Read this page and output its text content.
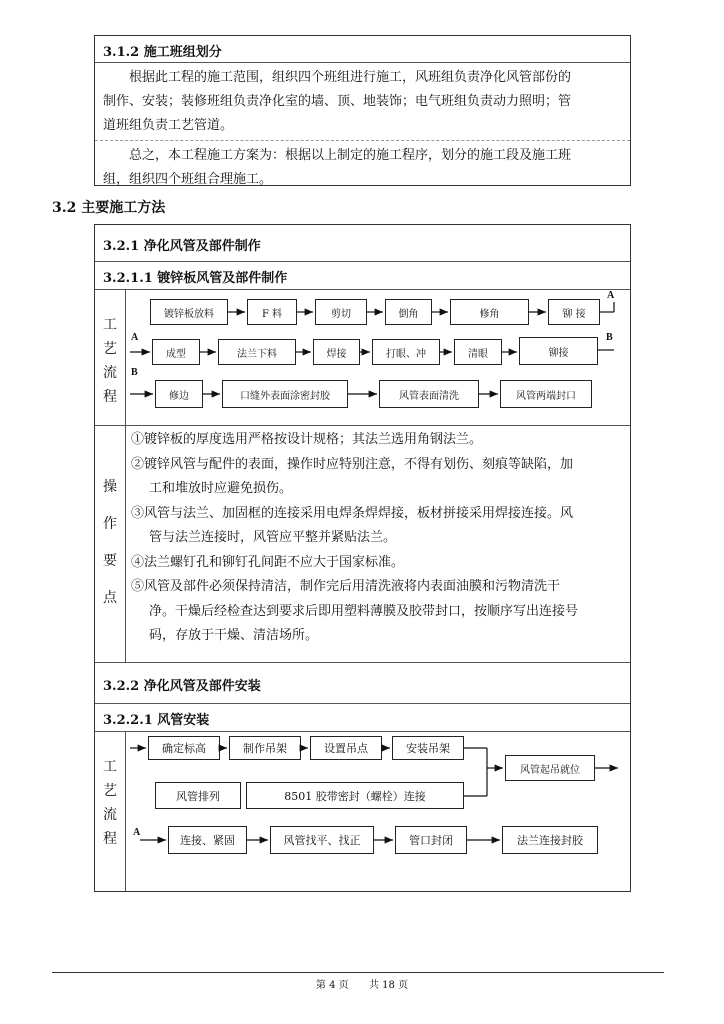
3.1.2 施工班组划分
根据此工程的施工范围，组织四个班组进行施工，风班组负责净化风管部份的
制作、安装；装修班组负责净化室的墙、顶、地装饰；电气班组负责动力照明；管
道班组负责工艺管道。
总之，本工程施工方案为：根据以上制定的施工程序，划分的施工段及施工班
组，组织四个班组合理施工。
3.2 主要施工方法
3.2.1 净化风管及部件制作
3.2.1.1 镀锌板风管及部件制作
工
艺
流
程
操
作
要
点
①镀锌板的厚度选用严格按设计规格；其法兰选用角钢法兰。
②镀锌风管与配件的表面，操作时应特别注意，不得有划伤、刻痕等缺陷，加
工和堆放时应避免损伤。
③风管与法兰、加固框的连接采用电焊条焊焊接，板材拼接采用焊接连接。风
管与法兰连接时，风管应平整并紧贴法兰。
④法兰螺钉孔和铆钉孔间距不应大于国家标准。
⑤风管及部件必须保持清洁，制作完后用清洗液将内表面油膜和污物清洗干
净。干燥后经检查达到要求后即用塑料薄膜及胶带封口，按顺序写出连接号
码，存放于干燥、清洁场所。
3.2.2 净化风管及部件安装
3.2.2.1 风管安装
工
艺
流
程
镀锌板放料	F 料	剪切	倒角	修角	铆 接
成型	法兰下料	焊接	打眼、冲	清眼	铆接
修边	口缝外表面涂密封胶	风管表面清洗	风管两端封口
A
A	B
B
确定标高	制作吊架	设置吊点	安装吊架
风管起吊就位
风管排列	8501 胶带密封（螺栓）连接
A
连接、紧固	风管找平、找正	管口封闭	法兰连接封胶
第 4 页 共 18 页
